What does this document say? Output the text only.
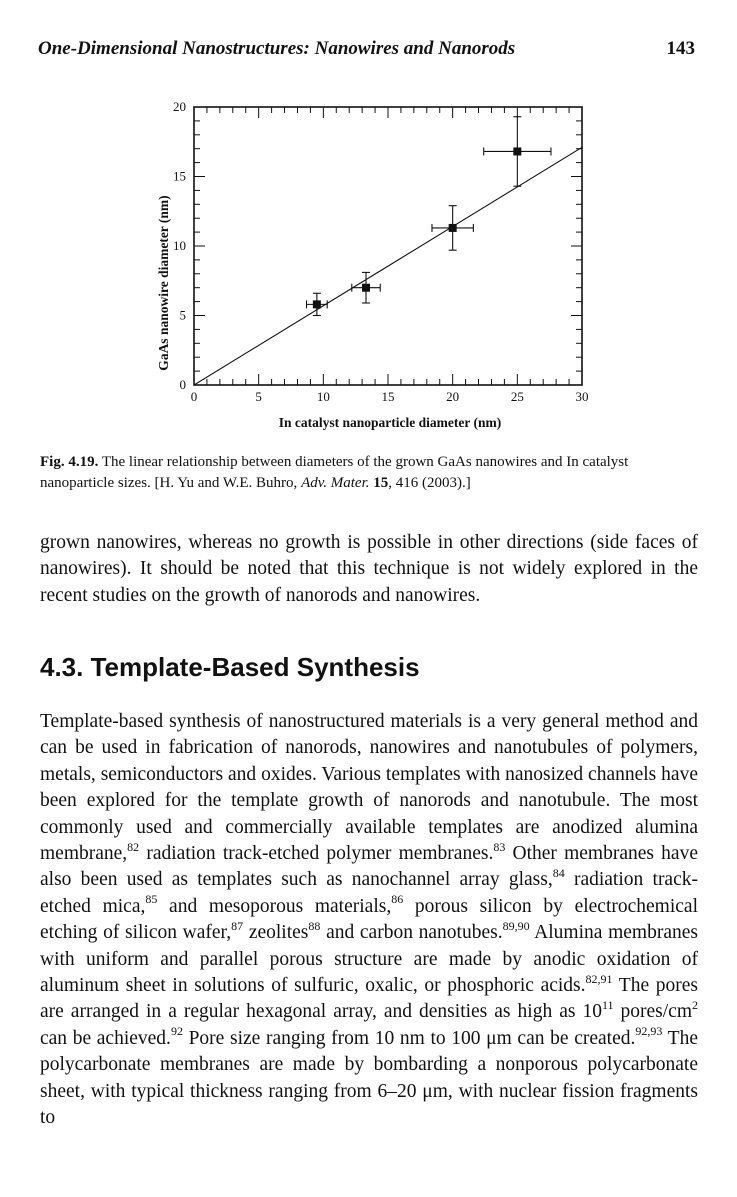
One-Dimensional Nanostructures: Nanowires and Nanorods	143
0	5	10	15	20	25	30
0
5
10
15
20
In catalyst nanoparticle diameter (nm)
GaAs nanowire diameter (nm)
Fig. 4.19. The linear relationship between diameters of the grown GaAs nanowires and In catalyst nanoparticle sizes. [H. Yu and W.E. Buhro, Adv. Mater. 15, 416 (2003).]
grown nanowires, whereas no growth is possible in other directions (side faces of nanowires). It should be noted that this technique is not widely explored in the recent studies on the growth of nanorods and nanowires.
4.3. Template-Based Synthesis
Template-based synthesis of nanostructured materials is a very general method and can be used in fabrication of nanorods, nanowires and nanotubules of polymers, metals, semiconductors and oxides. Various templates with nanosized channels have been explored for the template growth of nanorods and nanotubule. The most commonly used and commercially available templates are anodized alumina membrane,$^{82}$ radiation track-etched polymer membranes.$^{83}$ Other membranes have also been used as templates such as nanochannel array glass,$^{84}$ radiation track-etched mica,$^{85}$ and mesoporous materials,$^{86}$ porous silicon by electrochemical etching of silicon wafer,$^{87}$ zeolites$^{88}$ and carbon nanotubes.$^{89,90}$ Alumina membranes with uniform and parallel porous structure are made by anodic oxidation of aluminum sheet in solutions of sulfuric, oxalic, or phosphoric acids.$^{82,91}$ The pores are arranged in a regular hexagonal array, and densities as high as $10^{11}$ pores/$cm^2$ can be achieved.$^{92}$ Pore size ranging from 10 nm to 100 μm can be created.$^{92,93}$ The polycarbonate membranes are made by bombarding a nonporous polycarbonate sheet, with typical thickness ranging from 6–20 μm, with nuclear fission fragments to
